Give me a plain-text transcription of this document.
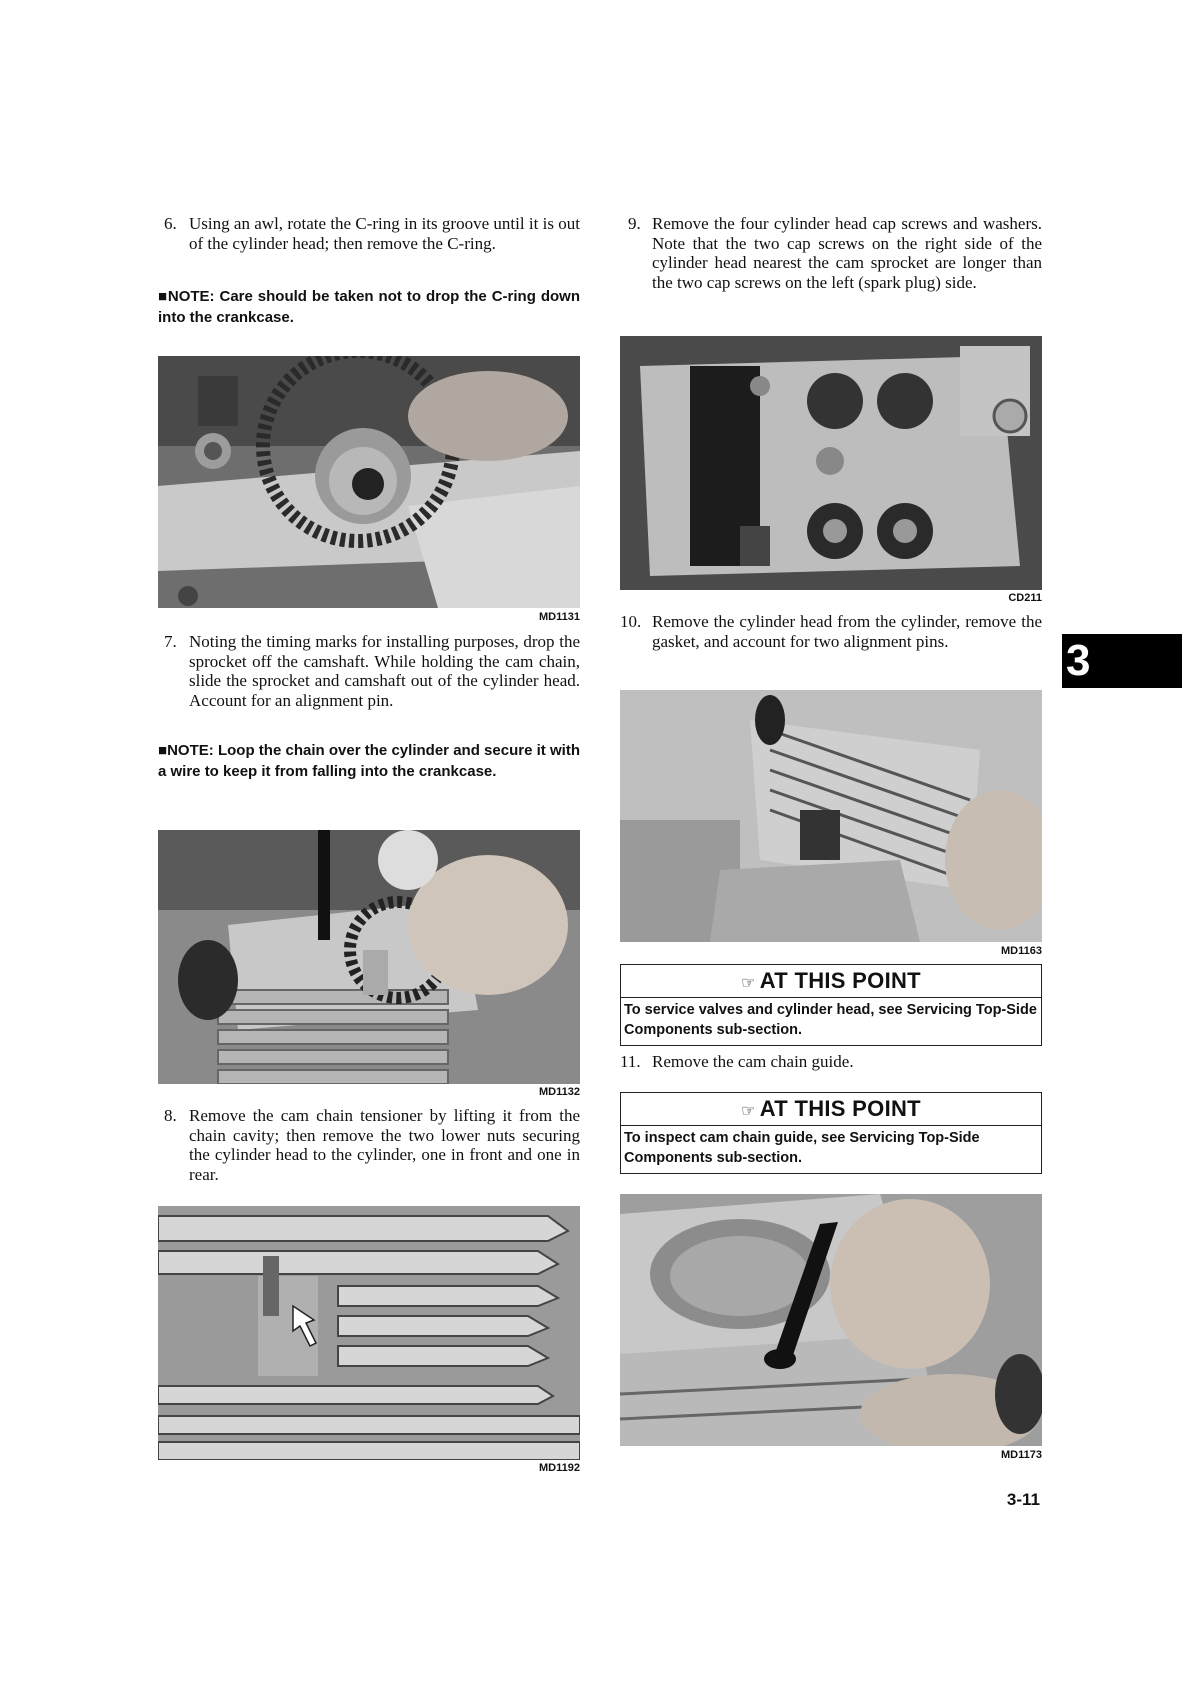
6. Using an awl, rotate the C-ring in its groove until it is out of the cylinder head; then remove the C-ring.
■NOTE: Care should be taken not to drop the C-ring down into the crankcase.
MD1131
7. Noting the timing marks for installing purposes, drop the sprocket off the camshaft. While holding the cam chain, slide the sprocket and camshaft out of the cylinder head. Account for an alignment pin.
■NOTE: Loop the chain over the cylinder and secure it with a wire to keep it from falling into the crankcase.
MD1132
8. Remove the cam chain tensioner by lifting it from the chain cavity; then remove the two lower nuts securing the cylinder head to the cylinder, one in front and one in rear.
MD1192
9. Remove the four cylinder head cap screws and washers. Note that the two cap screws on the right side of the cylinder head nearest the cam sprocket are longer than the two cap screws on the left (spark plug) side.
CD211
10. Remove the cylinder head from the cylinder, remove the gasket, and account for two alignment pins.
MD1163
☞ AT THIS POINT
To service valves and cylinder head, see Servicing Top-Side Components sub-section.
11. Remove the cam chain guide.
☞ AT THIS POINT
To inspect cam chain guide, see Servicing Top-Side Components sub-section.
MD1173
3
3-11
